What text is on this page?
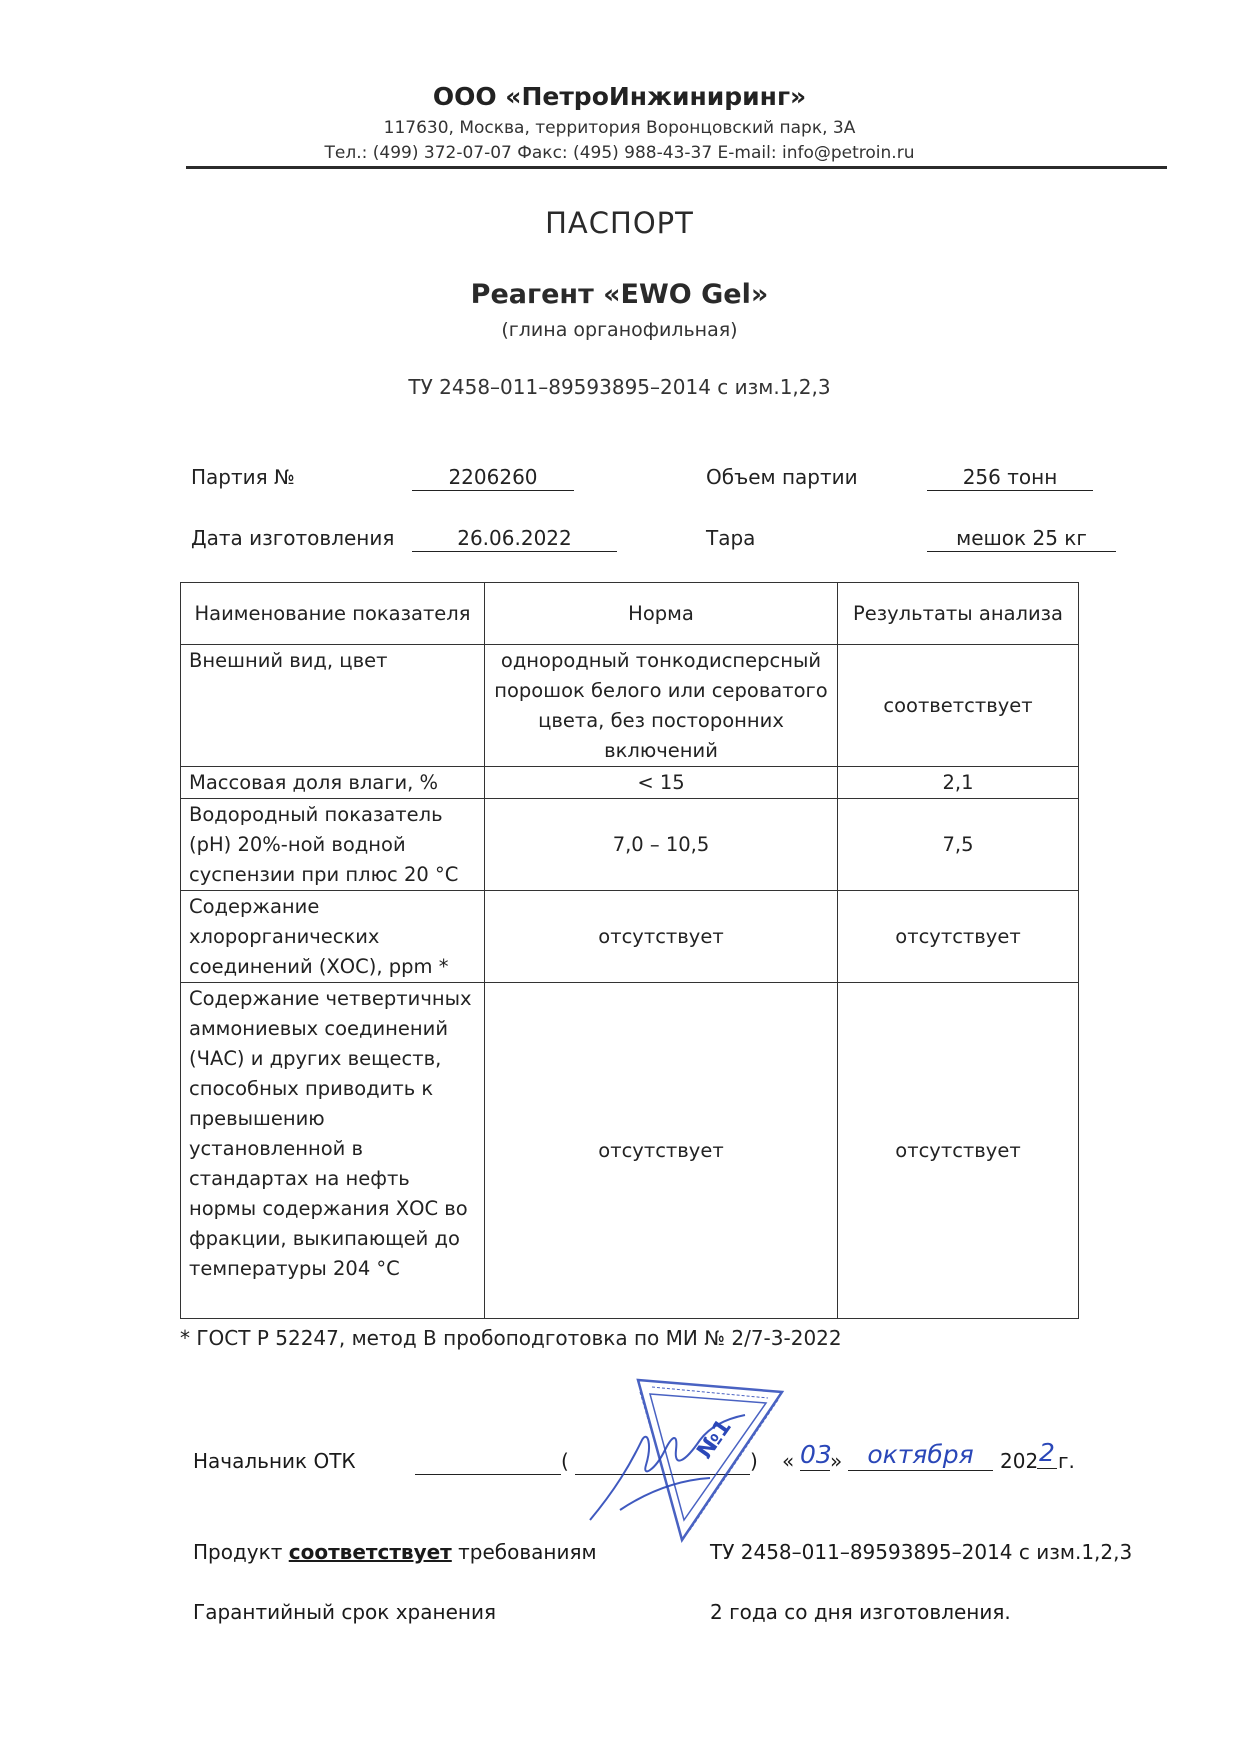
ООО «ПетроИнжиниринг»
117630, Москва, территория Воронцовский парк, 3А
Тел.: (499) 372-07-07 Факс: (495) 988-43-37 E-mail: info@petroin.ru
ПАСПОРТ
Реагент «EWO Gel»
(глина органофильная)
ТУ 2458–011–89593895–2014 с изм.1,2,3
Партия №	2206260	Объем партии	256 тонн
Дата изготовления	26.06.2022	Тара	мешок 25 кг
Наименование показателя	Норма	Результаты анализа
Внешний вид, цвет	однородный тонкодисперсный порошок белого или сероватого цвета, без посторонних включений	соответствует
Массовая доля влаги, %	< 15	2,1
Водородный показатель (pH) 20%-ной водной суспензии при плюс 20 °С	7,0 – 10,5	7,5
Содержание хлорорганических соединений (ХОС), ppm *	отсутствует	отсутствует
Содержание четвертичных аммониевых соединений (ЧАС) и других веществ, способных приводить к превышению установленной в стандартах на нефть нормы содержания ХОС во фракции, выкипающей до температуры 204 °С	отсутствует	отсутствует
* ГОСТ Р 52247, метод В пробоподготовка по МИ № 2/7-3-2022
Начальник ОТК	(	) « 03
»	октября	202 2 г.
№1
Продукт соответствует требованиям	ТУ 2458–011–89593895–2014 с изм.1,2,3
Гарантийный срок хранения	2 года со дня изготовления.
